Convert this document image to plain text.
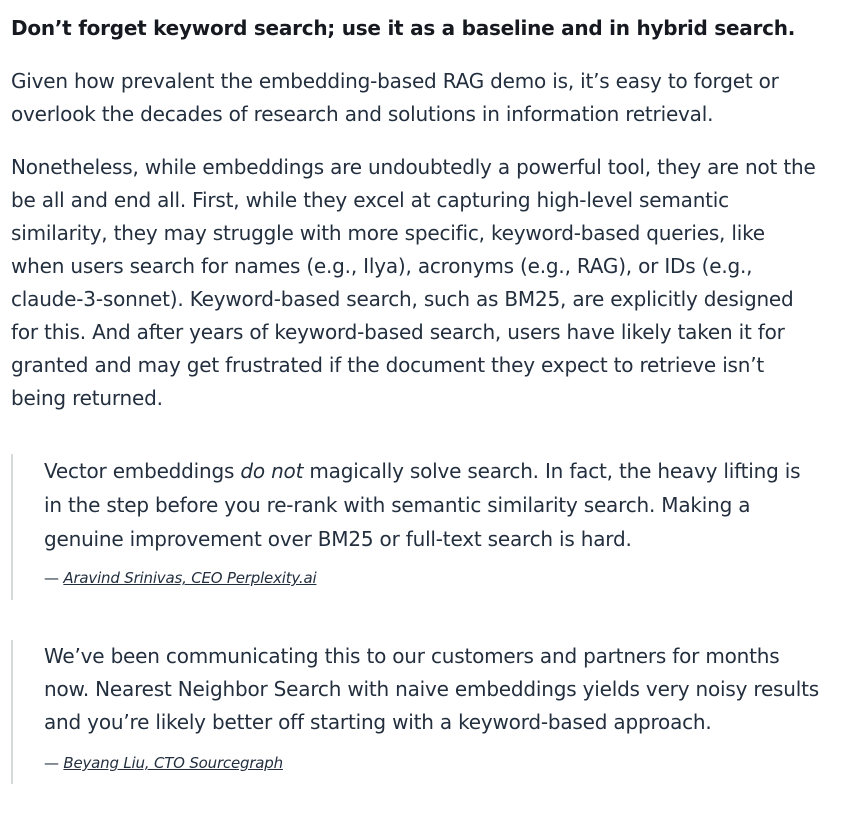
Don’t forget keyword search; use it as a baseline and in hybrid search.

Given how prevalent the embedding-based RAG demo is, it’s easy to forget or overlook the decades of research and solutions in information retrieval.

Nonetheless, while embeddings are undoubtedly a powerful tool, they are not the be all and end all. First, while they excel at capturing high-level semantic similarity, they may struggle with more specific, keyword-based queries, like when users search for names (e.g., Ilya), acronyms (e.g., RAG), or IDs (e.g., claude-3-sonnet). Keyword-based search, such as BM25, are explicitly designed for this. And after years of keyword-based search, users have likely taken it for granted and may get frustrated if the document they expect to retrieve isn’t being returned.

Vector embeddings do not magically solve search. In fact, the heavy lifting is in the step before you re-rank with semantic similarity search. Making a genuine improvement over BM25 or full-text search is hard.

— Aravind Srinivas, CEO Perplexity.ai

We’ve been communicating this to our customers and partners for months now. Nearest Neighbor Search with naive embeddings yields very noisy results and you’re likely better off starting with a keyword-based approach.

— Beyang Liu, CTO Sourcegraph
